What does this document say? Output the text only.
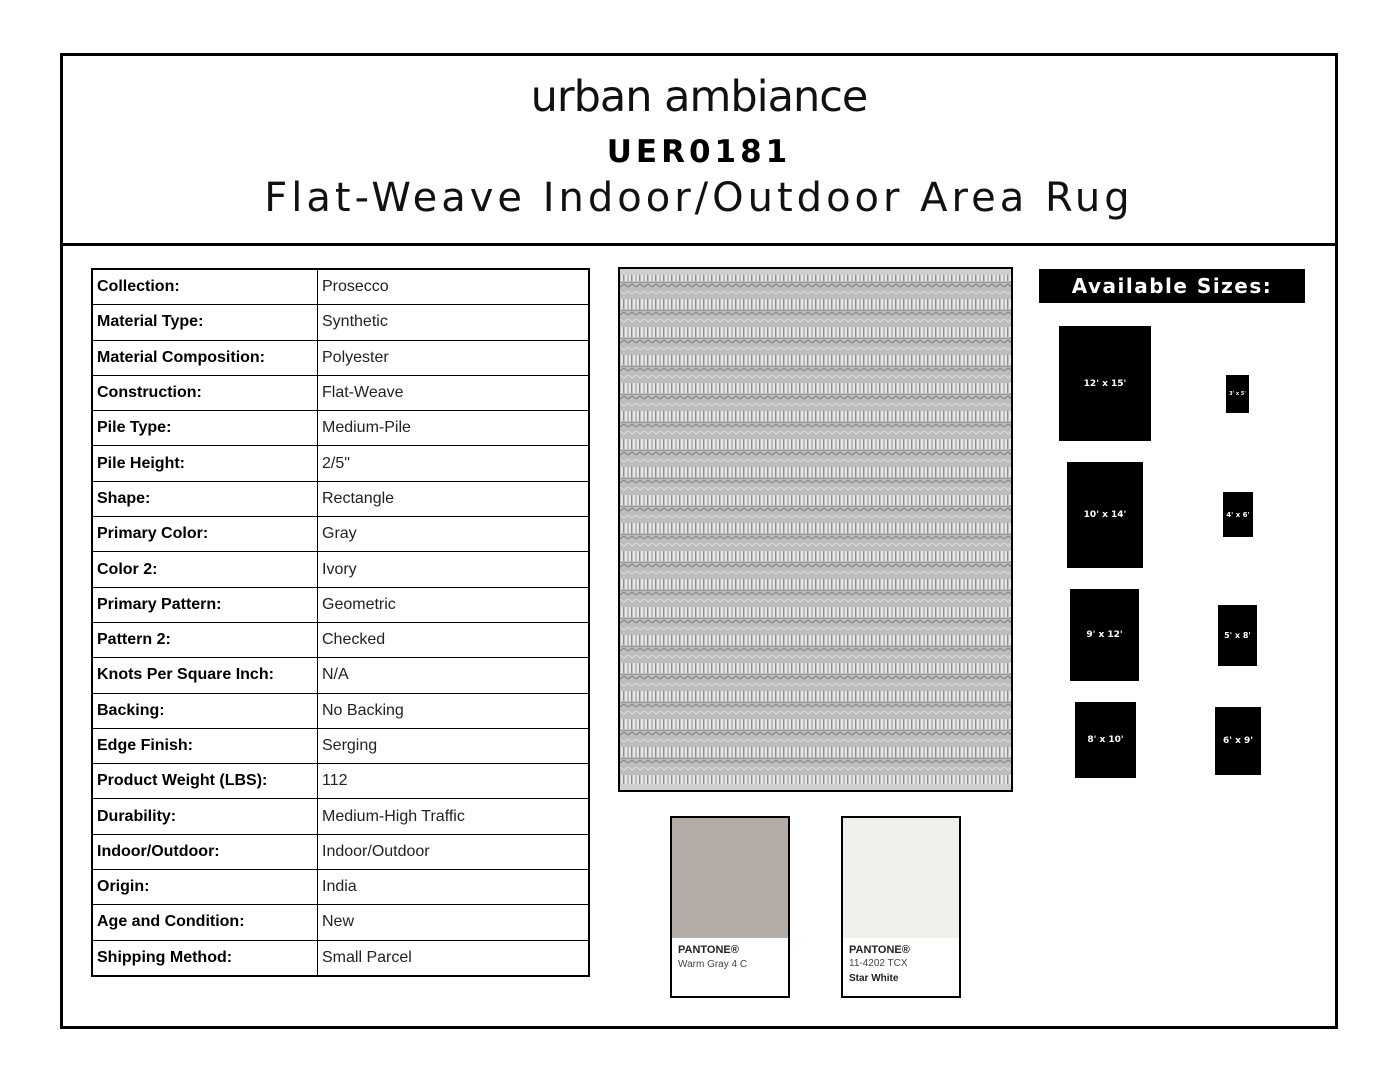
urban ambiance
UER0181
Flat-Weave Indoor/Outdoor Area Rug
Collection:	Prosecco
Material Type:	Synthetic
Material Composition:	Polyester
Construction:	Flat-Weave
Pile Type:	Medium-Pile
Pile Height:	2/5"
Shape:	Rectangle
Primary Color:	Gray
Color 2:	Ivory
Primary Pattern:	Geometric
Pattern 2:	Checked
Knots Per Square Inch:	N/A
Backing:	No Backing
Edge Finish:	Serging
Product Weight (LBS):	112
Durability:	Medium-High Traffic
Indoor/Outdoor:	Indoor/Outdoor
Origin:	India
Age and Condition:	New
Shipping Method:	Small Parcel	PANTONE®
Warm Gray 4 C
PANTONE®
11-4202 TCX
Star White
Available Sizes:
12' x 15'
3' x 5'
10' x 14'	4' x 6'
9' x 12'	5' x 8'
8' x 10'	6' x 9'
